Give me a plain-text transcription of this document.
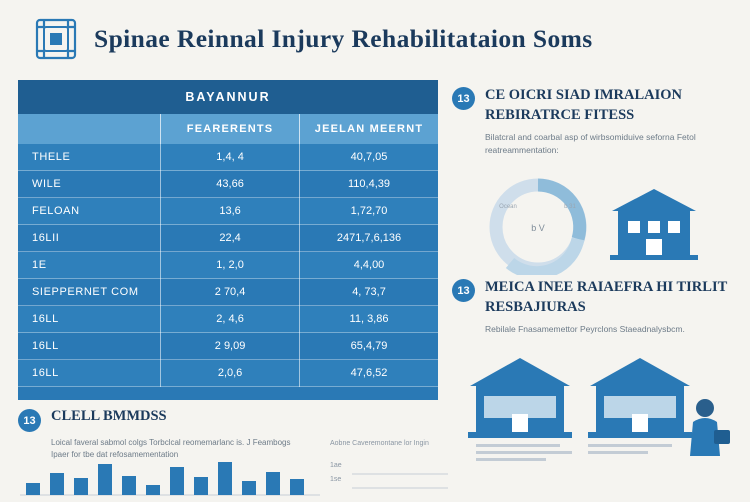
Spinae Reinnal Injury Rehabilitataion Soms
BAYANNUR
	FEARERENTS	JEELAN MEERNT
THELE	1,4, 4	40,7,05
WILE	43,66	110,4,39
FELOAN	13,6	1,72,70
16LII	22,4	2471,7,6,136
1E	1, 2,0	4,4,00
SIEPPERNET COM	2 70,4	4, 73,7
16LL	2, 4,6	11, 3,86
16LL	2 9,09	65,4,79
16LL	2,0,6	47,6,52
13	CE OICRI SIAD IMRALAION REBIRATRCE FITESS
Bilatcral and coarbal asp of wirbsomiduive seforna Fetol reatreammentation:
b V
Ocean	b 31
13	MEICA INEE RAIAEFRA HI TIRLIT RESBAJIURAS
Rebilale Fnasamemettor Peyrclons Staeadnalysbcm.
13	CLELL BMMDSS
Loical faveral sabmol colgs Torbclcal reomemarlanc is. J Feambogs Ipaer for tbe dat refosamementation
Aobne Caveremontane lor Ingin
1ae
1se
